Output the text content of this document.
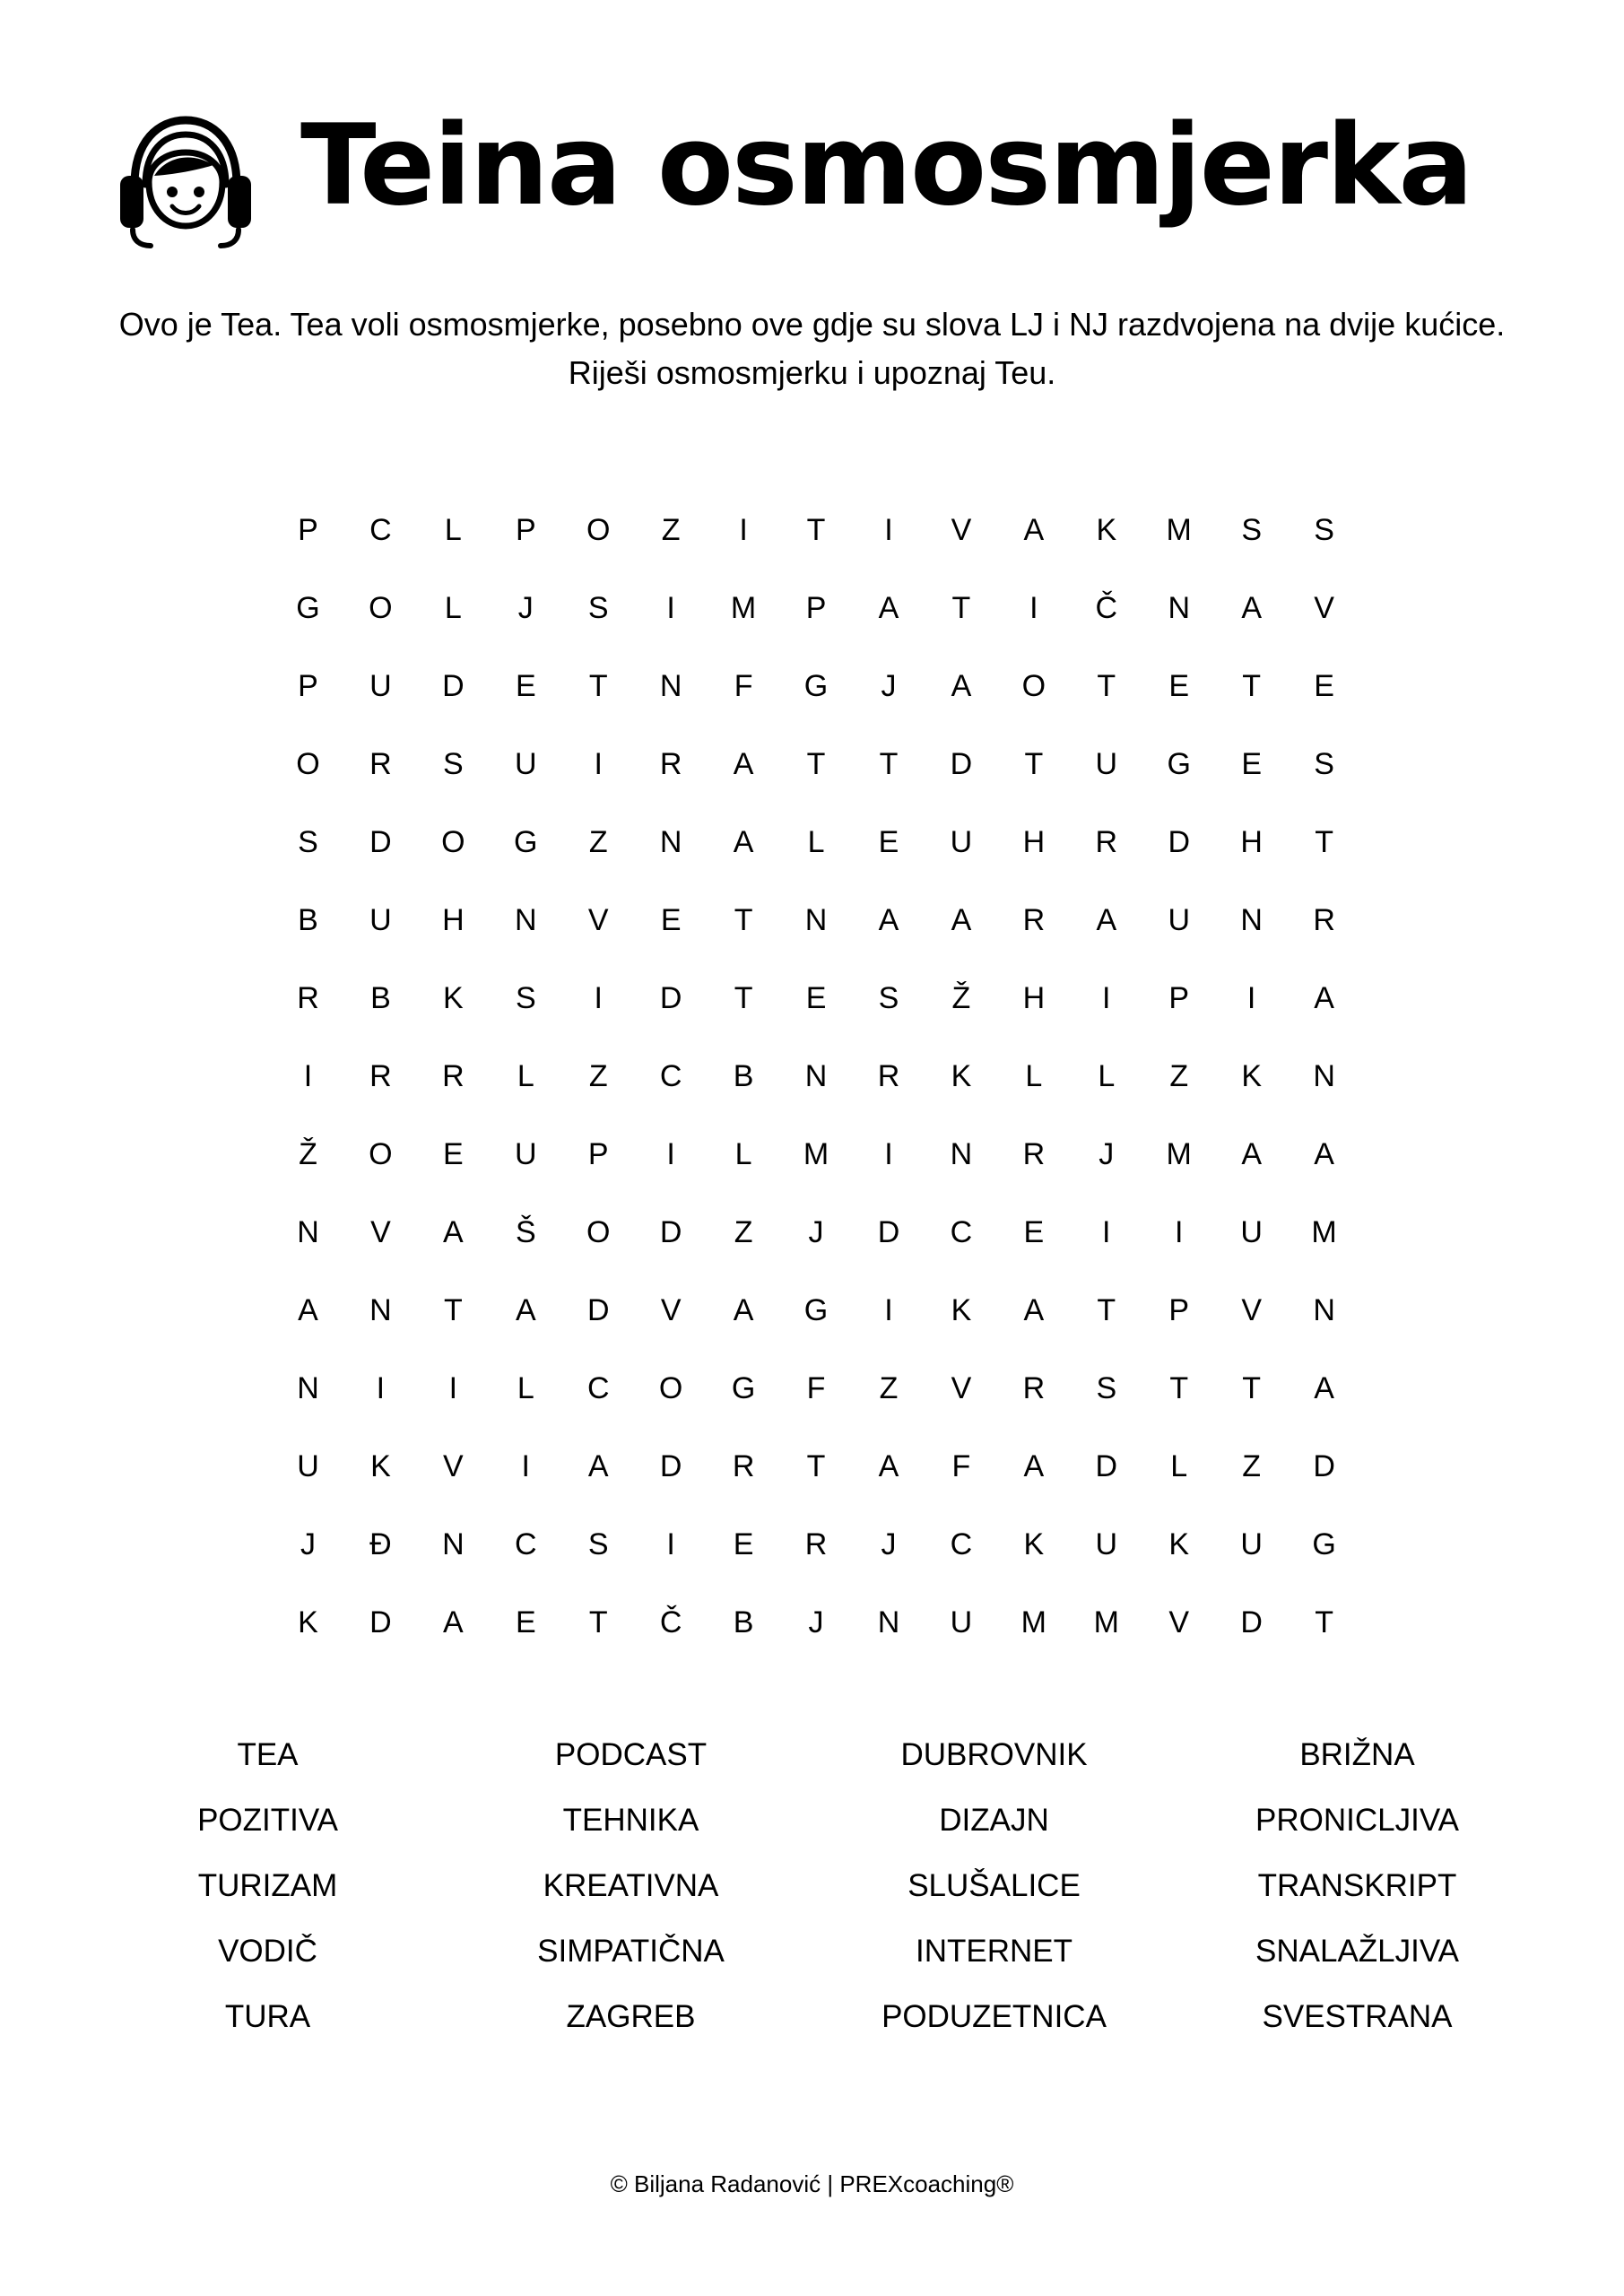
Teina osmosmjerka
Ovo je Tea. Tea voli osmosmjerke, posebno ove gdje su slova LJ i NJ razdvojena na dvije kućice.
Riješi osmosmjerku i upoznaj Teu.
P	C	L	P	O	Z	I	T	I	V	A	K	M	S	S
G	O	L	J	S	I	M	P	A	T	I	Č	N	A	V
P	U	D	E	T	N	F	G	J	A	O	T	E	T	E
O	R	S	U	I	R	A	T	T	D	T	U	G	E	S
S	D	O	G	Z	N	A	L	E	U	H	R	D	H	T
B	U	H	N	V	E	T	N	A	A	R	A	U	N	R
R	B	K	S	I	D	T	E	S	Ž	H	I	P	I	A
I	R	R	L	Z	C	B	N	R	K	L	L	Z	K	N
Ž	O	E	U	P	I	L	M	I	N	R	J	M	A	A
N	V	A	Š	O	D	Z	J	D	C	E	I	I	U	M
A	N	T	A	D	V	A	G	I	K	A	T	P	V	N
N	I	I	L	C	O	G	F	Z	V	R	S	T	T	A
U	K	V	I	A	D	R	T	A	F	A	D	L	Z	D
J	Đ	N	C	S	I	E	R	J	C	K	U	K	U	G
K	D	A	E	T	Č	B	J	N	U	M	M	V	D	T
TEA	PODCAST	DUBROVNIK	BRIŽNA
POZITIVA	TEHNIKA	DIZAJN	PRONICLJIVA
TURIZAM	KREATIVNA	SLUŠALICE	TRANSKRIPT
VODIČ	SIMPATIČNA	INTERNET	SNALAŽLJIVA
TURA	ZAGREB	PODUZETNICA	SVESTRANA
© Biljana Radanović | PREXcoaching®
